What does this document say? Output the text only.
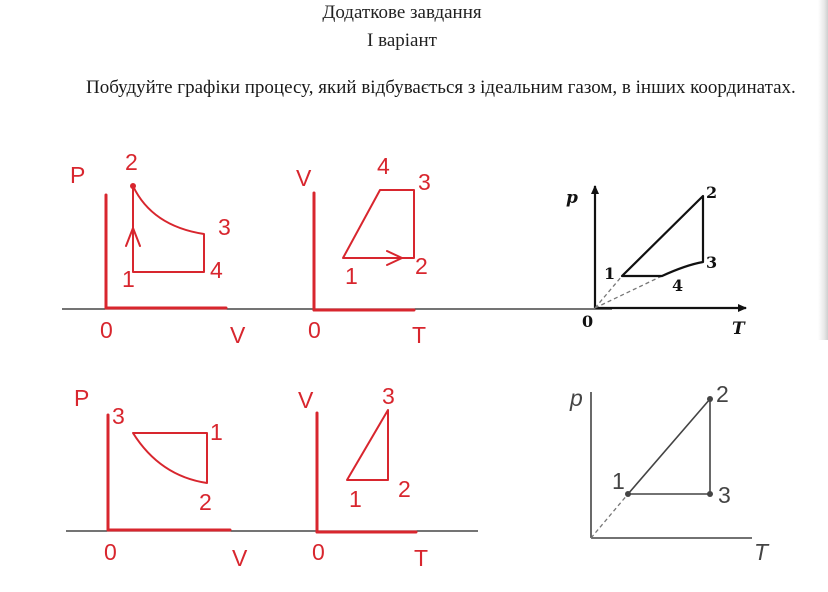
Додаткове завдання
І варіант
Побудуйте графіки процесу, який відбувається з ідеальним газом, в інших координатах.
P
V
0
1
2
3
4
V
T
0
1 2
3
4
p
T
0
1
2
3
4
P
V
0
1
2
3
V
T
0
1 2
3	p
T
1
2
3
